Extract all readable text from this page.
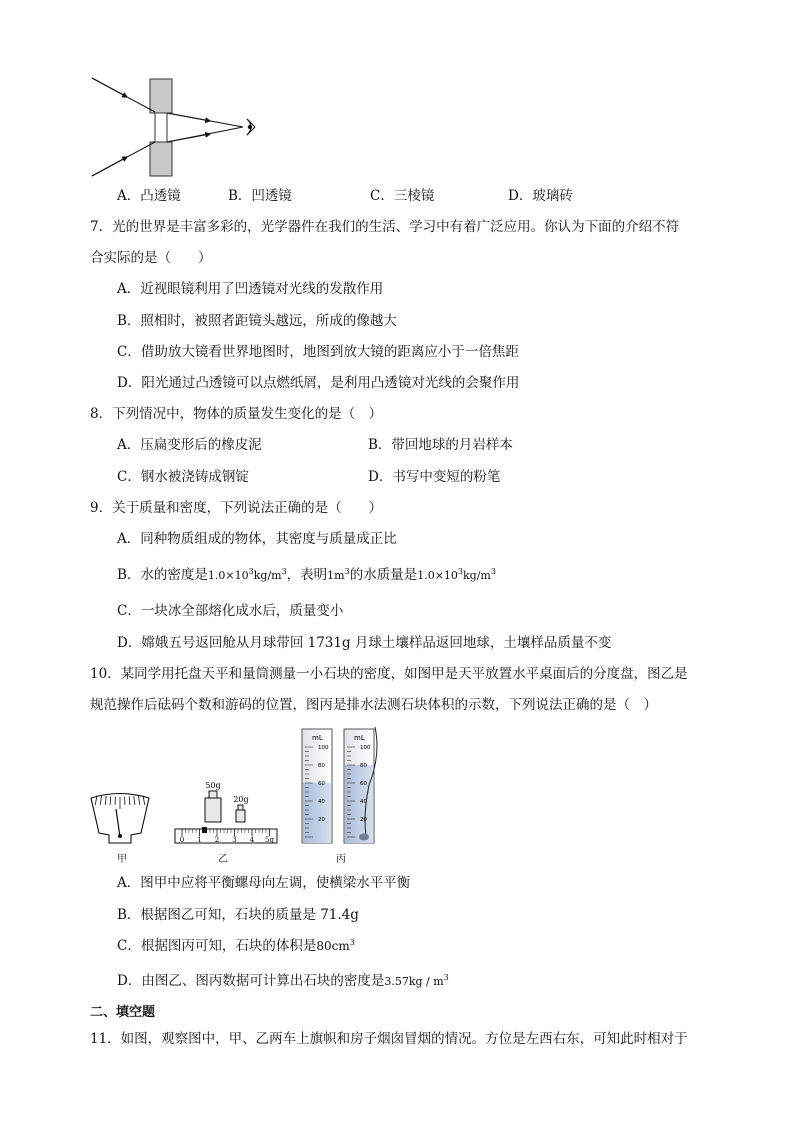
A．凸透镜	B．凹透镜	C．三棱镜	D．玻璃砖
7．光的世界是丰富多彩的，光学器件在我们的生活、学习中有着广泛应用。你认为下面的介绍不符
合实际的是（　　）
A．近视眼镜利用了凹透镜对光线的发散作用
B．照相时，被照者距镜头越远，所成的像越大
C．借助放大镜看世界地图时，地图到放大镜的距离应小于一倍焦距
D．阳光通过凸透镜可以点燃纸屑，是利用凸透镜对光线的会聚作用
8．下列情况中，物体的质量发生变化的是（　）
A．压扁变形后的橡皮泥	B．带回地球的月岩样本
C．钢水被浇铸成钢锭	D．书写中变短的粉笔
9．关于质量和密度，下列说法正确的是（　　）
A．同种物质组成的物体，其密度与质量成正比
B．水的密度是$1.0\times 10^3kg/m^3$，表明$1m^3$的水质量是$1.0\times 10^3kg/m^3$
C．一块冰全部熔化成水后，质量变小
D．嫦娥五号返回舱从月球带回 1731g 月球土壤样品返回地球，土壤样品质量不变
10．某同学用托盘天平和量筒测量一小石块的密度，如图甲是天平放置水平桌面后的分度盘，图乙是
规范操作后砝码个数和游码的位置，图丙是排水法测石块体积的示数，下列说法正确的是（　）
0 1 2 3 4 5g
mL
100
80
60
40
20
mL
100
80
60
40
20
50g
20g
甲	乙	丙
A．图甲中应将平衡螺母向左调，使横梁水平平衡
B．根据图乙可知，石块的质量是 71.4g
C．根据图丙可知，石块的体积是$80cm^3$
D．由图乙、图丙数据可计算出石块的密度是$3.57kg / m^3$
二、填空题
11．如图，观察图中，甲、乙两车上旗帜和房子烟囱冒烟的情况。方位是左西右东，可知此时相对于
